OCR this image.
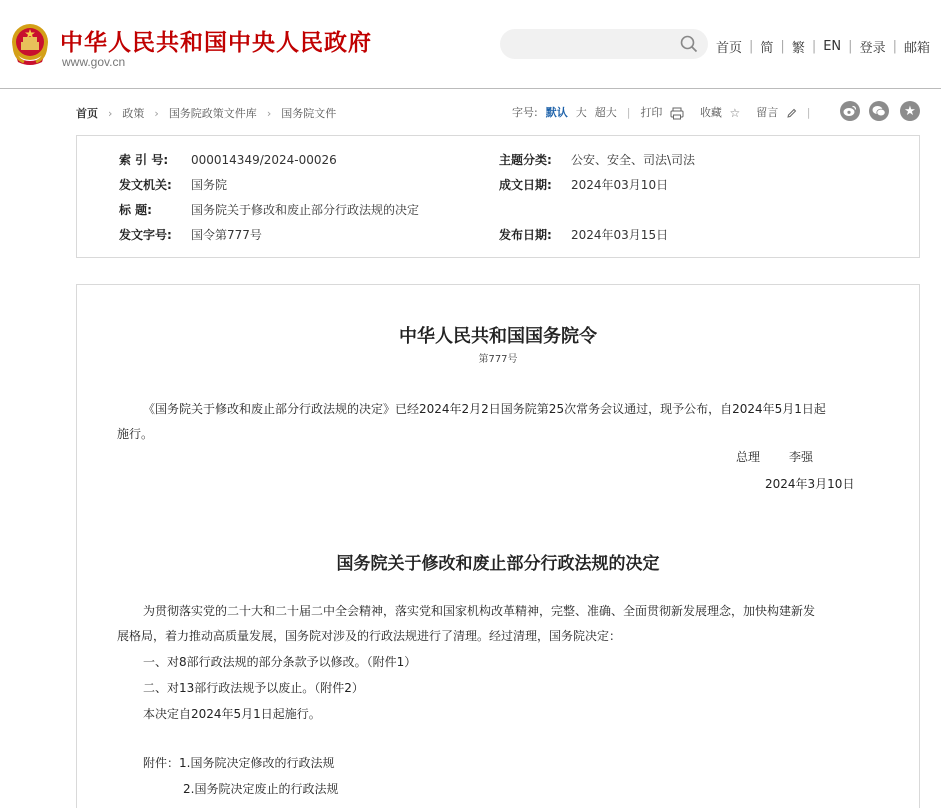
中华人民共和国中央人民政府
www.gov.cn
首页 | 简 | 繁 | EN | 登录 | 邮箱
首页 › 政策 › 国务院政策文件库 › 国务院文件	字号: 默认 大 超大 | 打印	收藏 ☆ 留言	|	★
索 引 号: 000014349/2024-00026	主题分类: 公安、安全、司法\司法
发文机关: 国务院	成文日期: 2024年03月10日
标 题:	国务院关于修改和废止部分行政法规的决定
发文字号: 国令第777号	发布日期: 2024年03月15日
中华人民共和国国务院令
第777号
《国务院关于修改和废止部分行政法规的决定》已经2024年2月2日国务院第25次常务会议通过，现予公布，自2024年5月1日起
施行。
总理 李强
2024年3月10日
国务院关于修改和废止部分行政法规的决定
为贯彻落实党的二十大和二十届二中全会精神，落实党和国家机构改革精神，完整、准确、全面贯彻新发展理念，加快构建新发
展格局，着力推动高质量发展，国务院对涉及的行政法规进行了清理。经过清理，国务院决定：
一、对8部行政法规的部分条款予以修改。（附件1）
二、对13部行政法规予以废止。（附件2）
本决定自2024年5月1日起施行。
附件：1.国务院决定修改的行政法规
2.国务院决定废止的行政法规
